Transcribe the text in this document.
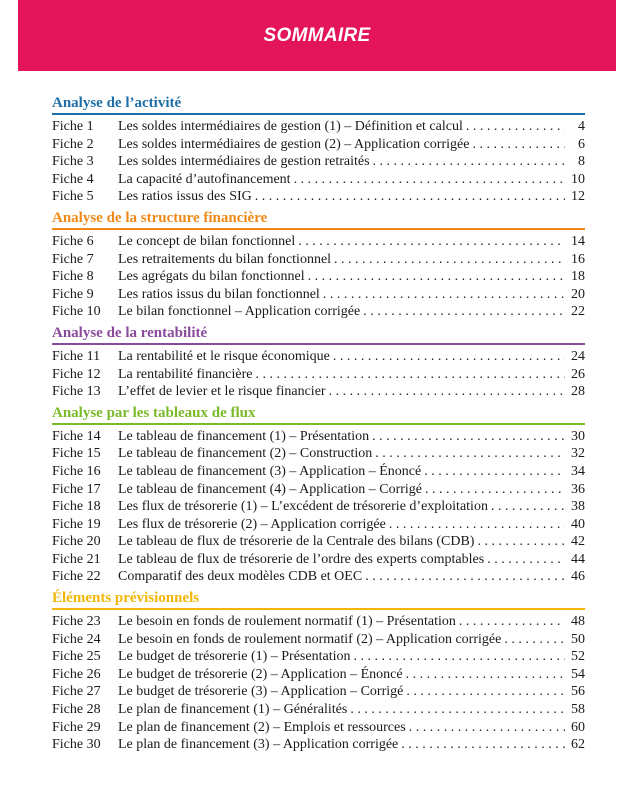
SOMMAIRE
Analyse de l’activité
Fiche 1	Les soldes intermédiaires de gestion (1) – Définition et calcul . . .	4
Fiche 2	Les soldes intermédiaires de gestion (2) – Application corrigée . . .	6
Fiche 3	Les soldes intermédiaires de gestion retraités . . .	8
Fiche 4	La capacité d’autofinancement . . .	10
Fiche 5	Les ratios issus des SIG . . .	12
Analyse de la structure financière
Fiche 6	Le concept de bilan fonctionnel . . .	14
Fiche 7	Les retraitements du bilan fonctionnel . . .	16
Fiche 8	Les agrégats du bilan fonctionnel . . .	18
Fiche 9	Les ratios issus du bilan fonctionnel . . .	20
Fiche 10	Le bilan fonctionnel – Application corrigée . . .	22
Analyse de la rentabilité
Fiche 11	La rentabilité et le risque économique . . .	24
Fiche 12	La rentabilité financière . . .	26
Fiche 13	L’effet de levier et le risque financier . . .	28
Analyse par les tableaux de flux
Fiche 14	Le tableau de financement (1) – Présentation . . .	30
Fiche 15	Le tableau de financement (2) – Construction . . .	32
Fiche 16	Le tableau de financement (3) – Application – Énoncé . . .	34
Fiche 17	Le tableau de financement (4) – Application – Corrigé . . .	36
Fiche 18	Les flux de trésorerie (1) – L’excédent de trésorerie d’exploitation . . .	38
Fiche 19	Les flux de trésorerie (2) – Application corrigée . . .	40
Fiche 20	Le tableau de flux de trésorerie de la Centrale des bilans (CDB) . . .	42
Fiche 21	Le tableau de flux de trésorerie de l’ordre des experts comptables . . .	44
Fiche 22	Comparatif des deux modèles CDB et OEC . . .	46
Éléments prévisionnels
Fiche 23	Le besoin en fonds de roulement normatif (1) – Présentation . . .	48
Fiche 24	Le besoin en fonds de roulement normatif (2) – Application corrigée . . .	50
Fiche 25	Le budget de trésorerie (1) – Présentation . . .	52
Fiche 26	Le budget de trésorerie (2) – Application – Énoncé . . .	54
Fiche 27	Le budget de trésorerie (3) – Application – Corrigé . . .	56
Fiche 28	Le plan de financement (1) – Généralités . . .	58
Fiche 29	Le plan de financement (2) – Emplois et ressources . . .	60
Fiche 30	Le plan de financement (3) – Application corrigée . . .	62
